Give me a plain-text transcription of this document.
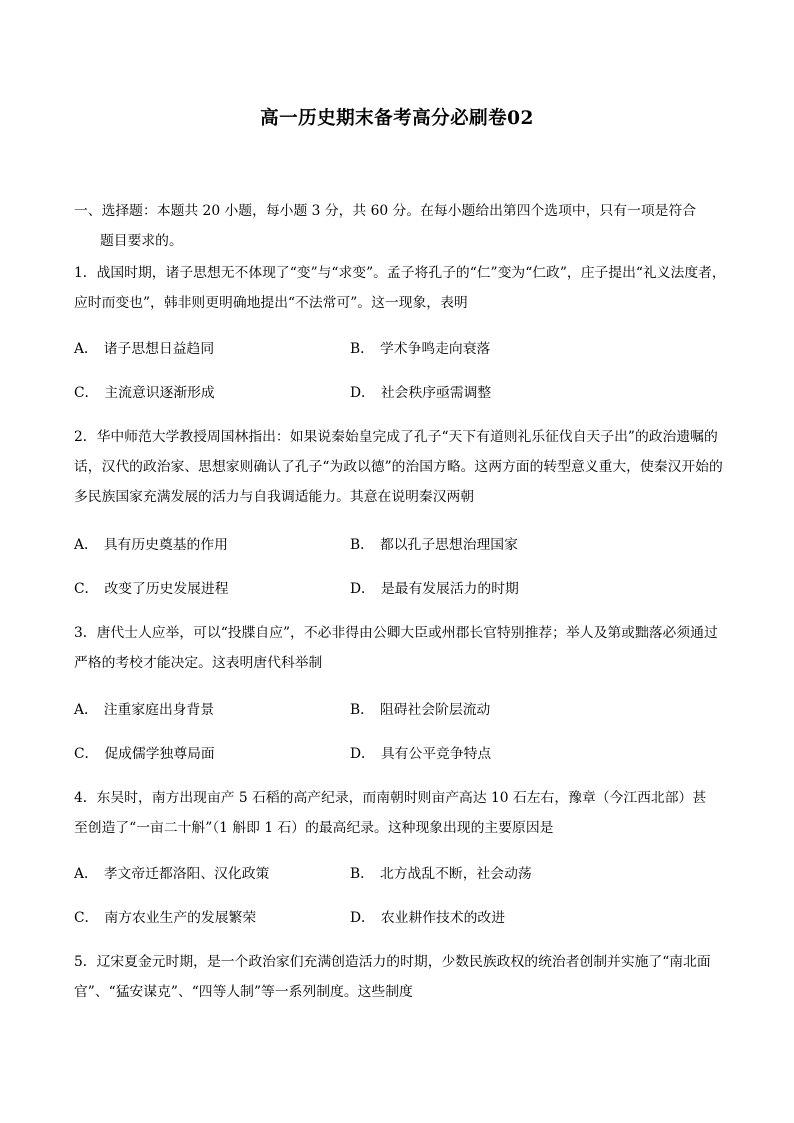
高一历史期末备考高分必刷卷02
一、选择题：本题共 20 小题，每小题 3 分，共 60 分。在每小题给出第四个选项中，只有一项是符合
题目要求的。
1．战国时期，诸子思想无不体现了“变”与“求变”。孟子将孔子的“仁”变为“仁政”，庄子提出“礼义法度者，
应时而变也”，韩非则更明确地提出“不法常可”。这一现象，表明
A． 诸子思想日益趋同	B． 学术争鸣走向衰落
C． 主流意识逐渐形成	D． 社会秩序亟需调整
2．华中师范大学教授周国林指出：如果说秦始皇完成了孔子“天下有道则礼乐征伐自天子出”的政治遗嘱的
话，汉代的政治家、思想家则确认了孔子“为政以德”的治国方略。这两方面的转型意义重大，使秦汉开始的
多民族国家充满发展的活力与自我调适能力。其意在说明秦汉两朝
A． 具有历史奠基的作用	B． 都以孔子思想治理国家
C． 改变了历史发展进程	D． 是最有发展活力的时期
3．唐代士人应举，可以“投牒自应”，不必非得由公卿大臣或州郡长官特别推荐；举人及第或黜落必须通过
严格的考校才能决定。这表明唐代科举制
A． 注重家庭出身背景	B． 阻碍社会阶层流动
C． 促成儒学独尊局面	D． 具有公平竞争特点
4．东吴时，南方出现亩产 5 石稻的高产纪录，而南朝时则亩产高达 10 石左右，豫章（今江西北部）甚
至创造了“一亩二十斛”（1 斛即 1 石）的最高纪录。这种现象出现的主要原因是
A． 孝文帝迁都洛阳、汉化政策	B． 北方战乱不断，社会动荡
C． 南方农业生产的发展繁荣	D． 农业耕作技术的改进
5．辽宋夏金元时期，是一个政治家们充满创造活力的时期，少数民族政权的统治者创制并实施了“南北面
官”、“猛安谋克”、“四等人制”等一系列制度。这些制度
